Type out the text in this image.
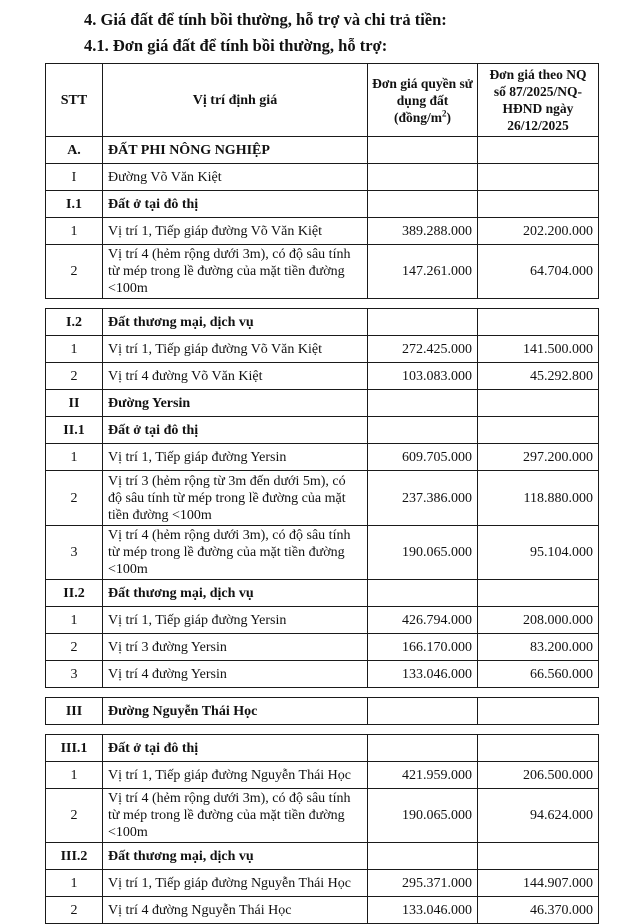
4. Giá đất để tính bồi thường, hỗ trợ và chi trả tiền:
4.1. Đơn giá đất để tính bồi thường, hỗ trợ:
STT	Vị trí định giá	Đơn giá quyền sử dụng đất $(đồng/m^2)$	Đơn giá theo NQ số 87/2025/NQ-HĐND ngày 26/12/2025
A.	ĐẤT PHI NÔNG NGHIỆP		
I	Đường Võ Văn Kiệt		
I.1	Đất ở tại đô thị		
1	Vị trí 1, Tiếp giáp đường Võ Văn Kiệt	389.288.000	202.200.000
2	Vị trí 4 (hẻm rộng dưới 3m), có độ sâu tính từ mép trong lề đường của mặt tiền đường <100m	147.261.000	64.704.000

I.2	Đất thương mại, dịch vụ		
1	Vị trí 1, Tiếp giáp đường Võ Văn Kiệt	272.425.000	141.500.000
2	Vị trí 4 đường Võ Văn Kiệt	103.083.000	45.292.800
II	Đường Yersin		
II.1	Đất ở tại đô thị		
1	Vị trí 1, Tiếp giáp đường Yersin	609.705.000	297.200.000
2	Vị trí 3 (hẻm rộng từ 3m đến dưới 5m), có độ sâu tính từ mép trong lề đường của mặt tiền đường <100m	237.386.000	118.880.000
3	Vị trí 4 (hẻm rộng dưới 3m), có độ sâu tính từ mép trong lề đường của mặt tiền đường <100m	190.065.000	95.104.000
II.2	Đất thương mại, dịch vụ		
1	Vị trí 1, Tiếp giáp đường Yersin	426.794.000	208.000.000
2	Vị trí 3 đường Yersin	166.170.000	83.200.000
3	Vị trí 4 đường Yersin	133.046.000	66.560.000

III	Đường Nguyễn Thái Học		

III.1	Đất ở tại đô thị		
1	Vị trí 1, Tiếp giáp đường Nguyễn Thái Học	421.959.000	206.500.000
2	Vị trí 4 (hẻm rộng dưới 3m), có độ sâu tính từ mép trong lề đường của mặt tiền đường <100m	190.065.000	94.624.000
III.2	Đất thương mại, dịch vụ		
1	Vị trí 1, Tiếp giáp đường Nguyễn Thái Học	295.371.000	144.907.000
2	Vị trí 4 đường Nguyễn Thái Học	133.046.000	46.370.000
